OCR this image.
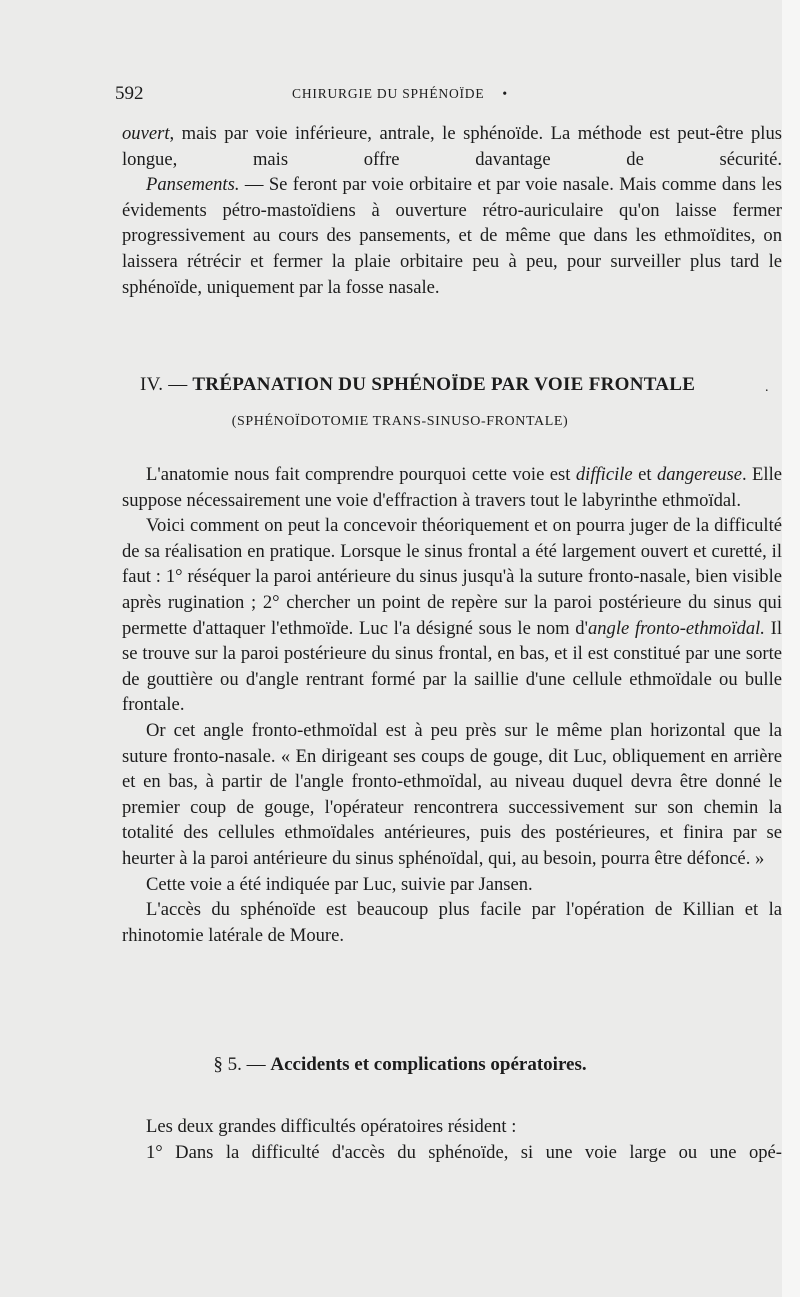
592	CHIRURGIE DU SPHÉNOÏDE •

ouvert, mais par voie inférieure, antrale, le sphénoïde. La méthode est peut-être plus longue, mais offre davantage de sécurité.

Pansements. — Se feront par voie orbitaire et par voie nasale. Mais comme dans les évidements pétro-mastoïdiens à ouverture rétro-auriculaire qu'on laisse fermer progressivement au cours des pansements, et de même que dans les ethmoïdites, on laissera rétrécir et fermer la plaie orbitaire peu à peu, pour surveiller plus tard le sphénoïde, uniquement par la fosse nasale.

IV. — TRÉPANATION DU SPHÉNOÏDE PAR VOIE FRONTALE	.
(SPHÉNOÏDOTOMIE TRANS-SINUSO-FRONTALE)

L'anatomie nous fait comprendre pourquoi cette voie est difficile et dangereuse. Elle suppose nécessairement une voie d'effraction à travers tout le labyrinthe ethmoïdal.

Voici comment on peut la concevoir théoriquement et on pourra juger de la difficulté de sa réalisation en pratique. Lorsque le sinus frontal a été largement ouvert et curetté, il faut : 1° réséquer la paroi antérieure du sinus jusqu'à la suture fronto-nasale, bien visible après rugination ; 2° chercher un point de repère sur la paroi postérieure du sinus qui permette d'attaquer l'ethmoïde. Luc l'a désigné sous le nom d'angle fronto-ethmoïdal. Il se trouve sur la paroi postérieure du sinus frontal, en bas, et il est constitué par une sorte de gouttière ou d'angle rentrant formé par la saillie d'une cellule ethmoïdale ou bulle frontale.

Or cet angle fronto-ethmoïdal est à peu près sur le même plan horizontal que la suture fronto-nasale. « En dirigeant ses coups de gouge, dit Luc, obliquement en arrière et en bas, à partir de l'angle fronto-ethmoïdal, au niveau duquel devra être donné le premier coup de gouge, l'opérateur rencontrera successivement sur son chemin la totalité des cellules ethmoïdales antérieures, puis des postérieures, et finira par se heurter à la paroi antérieure du sinus sphénoïdal, qui, au besoin, pourra être défoncé. »

Cette voie a été indiquée par Luc, suivie par Jansen.

L'accès du sphénoïde est beaucoup plus facile par l'opération de Killian et la rhinotomie latérale de Moure.

§ 5. — Accidents et complications opératoires.

Les deux grandes difficultés opératoires résident :

1° Dans la difficulté d'accès du sphénoïde, si une voie large ou une opé-
